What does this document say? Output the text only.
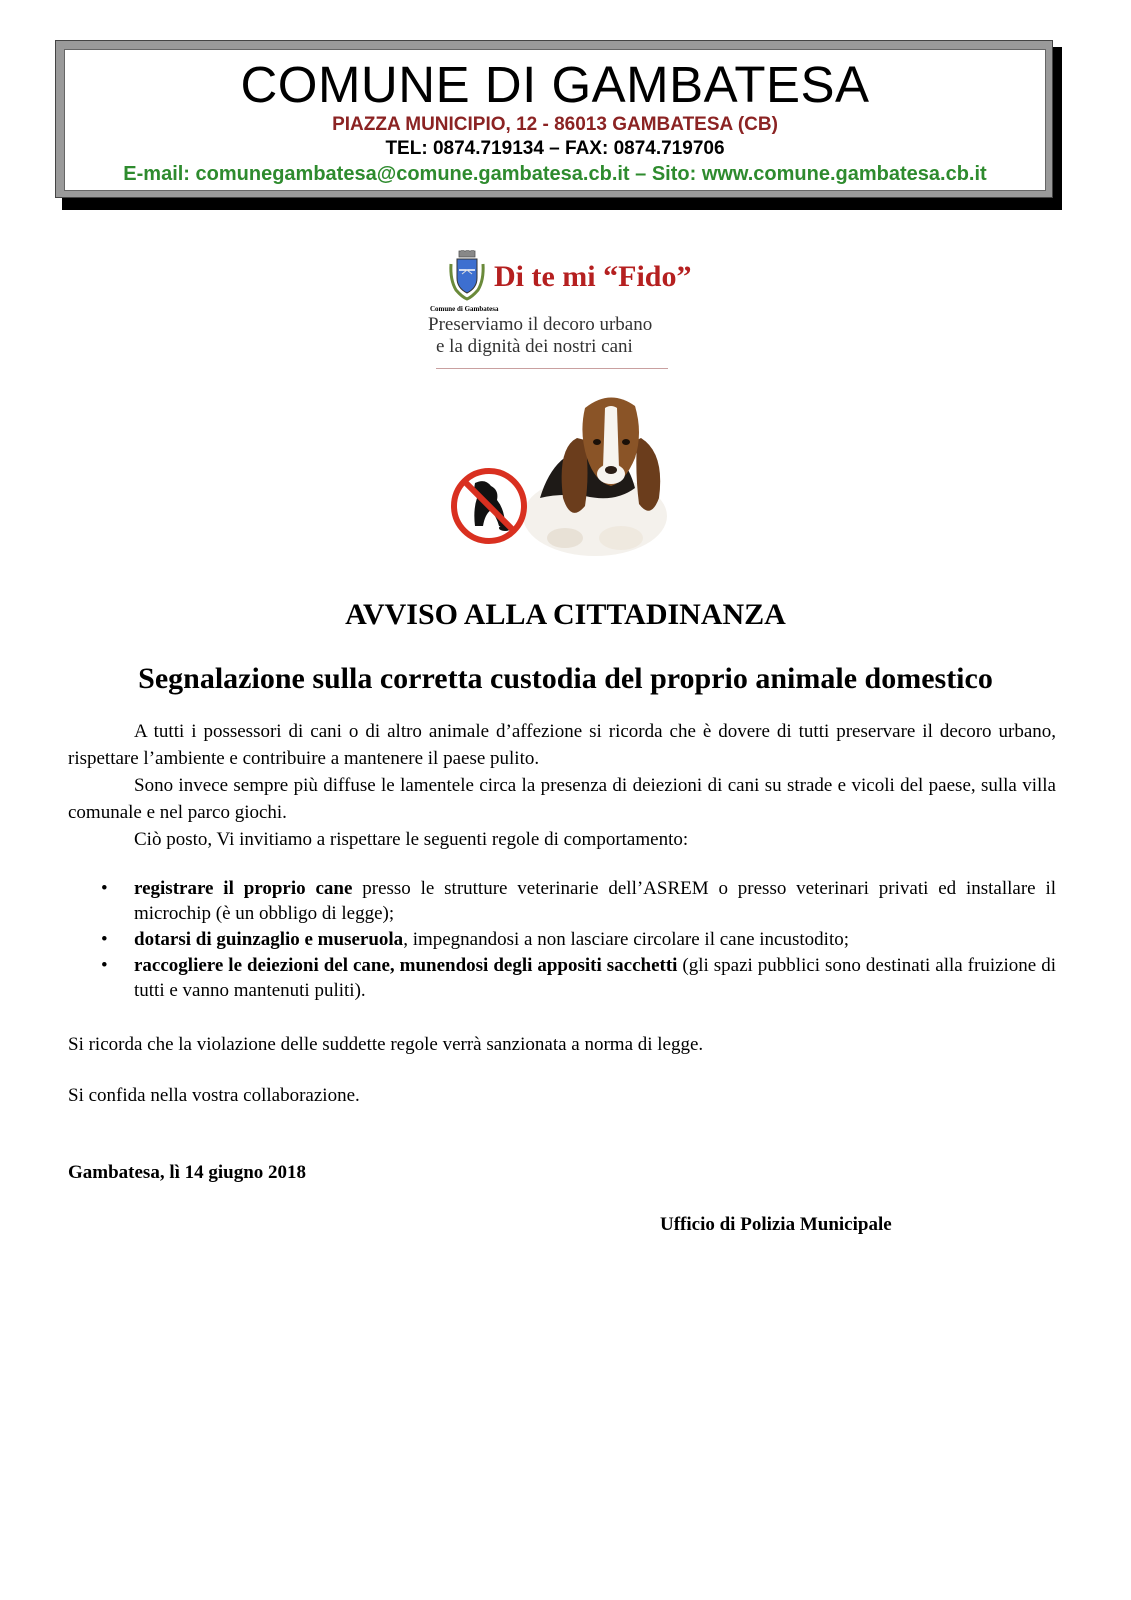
COMUNE DI GAMBATESA
PIAZZA MUNICIPIO, 12 - 86013 GAMBATESA (CB)
TEL: 0874.719134 – FAX: 0874.719706
E-mail: comunegambatesa@comune.gambatesa.cb.it – Sito: www.comune.gambatesa.cb.it
Di te mi “Fido”
Comune di Gambatesa
Preserviamo il decoro urbano
e la dignità dei nostri cani
AVVISO ALLA CITTADINANZA
Segnalazione sulla corretta custodia del proprio animale domestico

A tutti i possessori di cani o di altro animale d’affezione si ricorda che è dovere di tutti preservare il decoro urbano, rispettare l’ambiente e contribuire a mantenere il paese pulito.

Sono invece sempre più diffuse le lamentele circa la presenza di deiezioni di cani su strade e vicoli del paese, sulla villa comunale e nel parco giochi.

Ciò posto, Vi invitiamo a rispettare le seguenti regole di comportamento:

• registrare il proprio cane presso le strutture veterinarie dell’ASREM o presso veterinari privati ed installare il microchip (è un obbligo di legge);
• dotarsi di guinzaglio e museruola, impegnandosi a non lasciare circolare il cane incustodito;
• raccogliere le deiezioni del cane, munendosi degli appositi sacchetti (gli spazi pubblici sono destinati alla fruizione di tutti e vanno mantenuti puliti).
Si ricorda che la violazione delle suddette regole verrà sanzionata a norma di legge.
Si confida nella vostra collaborazione.
Gambatesa, lì 14 giugno 2018
Ufficio di Polizia Municipale
